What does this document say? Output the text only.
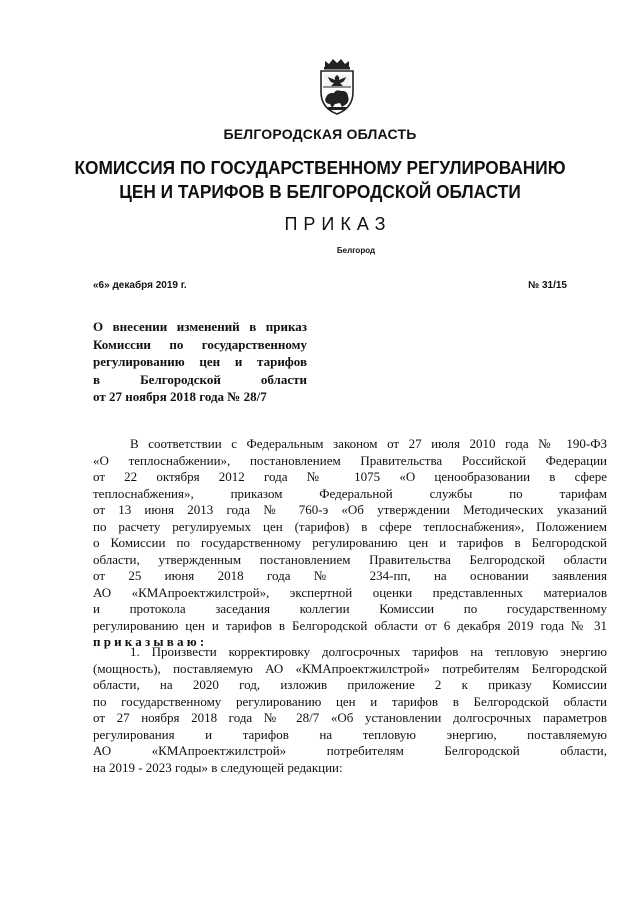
БЕЛГОРОДСКАЯ ОБЛАСТЬ
КОМИССИЯ ПО ГОСУДАРСТВЕННОМУ РЕГУЛИРОВАНИЮ
ЦЕН И ТАРИФОВ В БЕЛГОРОДСКОЙ ОБЛАСТИ
ПРИКАЗ
Белгород
«6» декабря 2019 г.	№ 31/15
О внесении изменений в приказ
Комиссии по государственному
регулированию цен и тарифов
в Белгородской области
от 27 ноября 2018 года № 28/7
В соответствии с Федеральным законом от 27 июля 2010 года № 190-ФЗ
«О теплоснабжении», постановлением Правительства Российской Федерации
от 22 октября 2012 года № 1075 «О ценообразовании в сфере
теплоснабжения», приказом Федеральной службы по тарифам
от 13 июня 2013 года № 760-э «Об утверждении Методических указаний
по расчету регулируемых цен (тарифов) в сфере теплоснабжения», Положением
о Комиссии по государственному регулированию цен и тарифов в Белгородской
области, утвержденным постановлением Правительства Белгородской области
от 25 июня 2018 года № 234-пп, на основании заявления
АО «КМАпроектжилстрой», экспертной оценки представленных материалов
и протокола заседания коллегии Комиссии по государственному
регулированию цен и тарифов в Белгородской области от 6 декабря 2019 года № 31
приказываю:
1. Произвести корректировку долгосрочных тарифов на тепловую энергию
(мощность), поставляемую АО «КМАпроектжилстрой» потребителям Белгородской
области, на 2020 год, изложив приложение 2 к приказу Комиссии
по государственному регулированию цен и тарифов в Белгородской области
от 27 ноября 2018 года № 28/7 «Об установлении долгосрочных параметров
регулирования и тарифов на тепловую энергию, поставляемую
АО «КМАпроектжилстрой» потребителям Белгородской области,
на 2019 - 2023 годы» в следующей редакции:
